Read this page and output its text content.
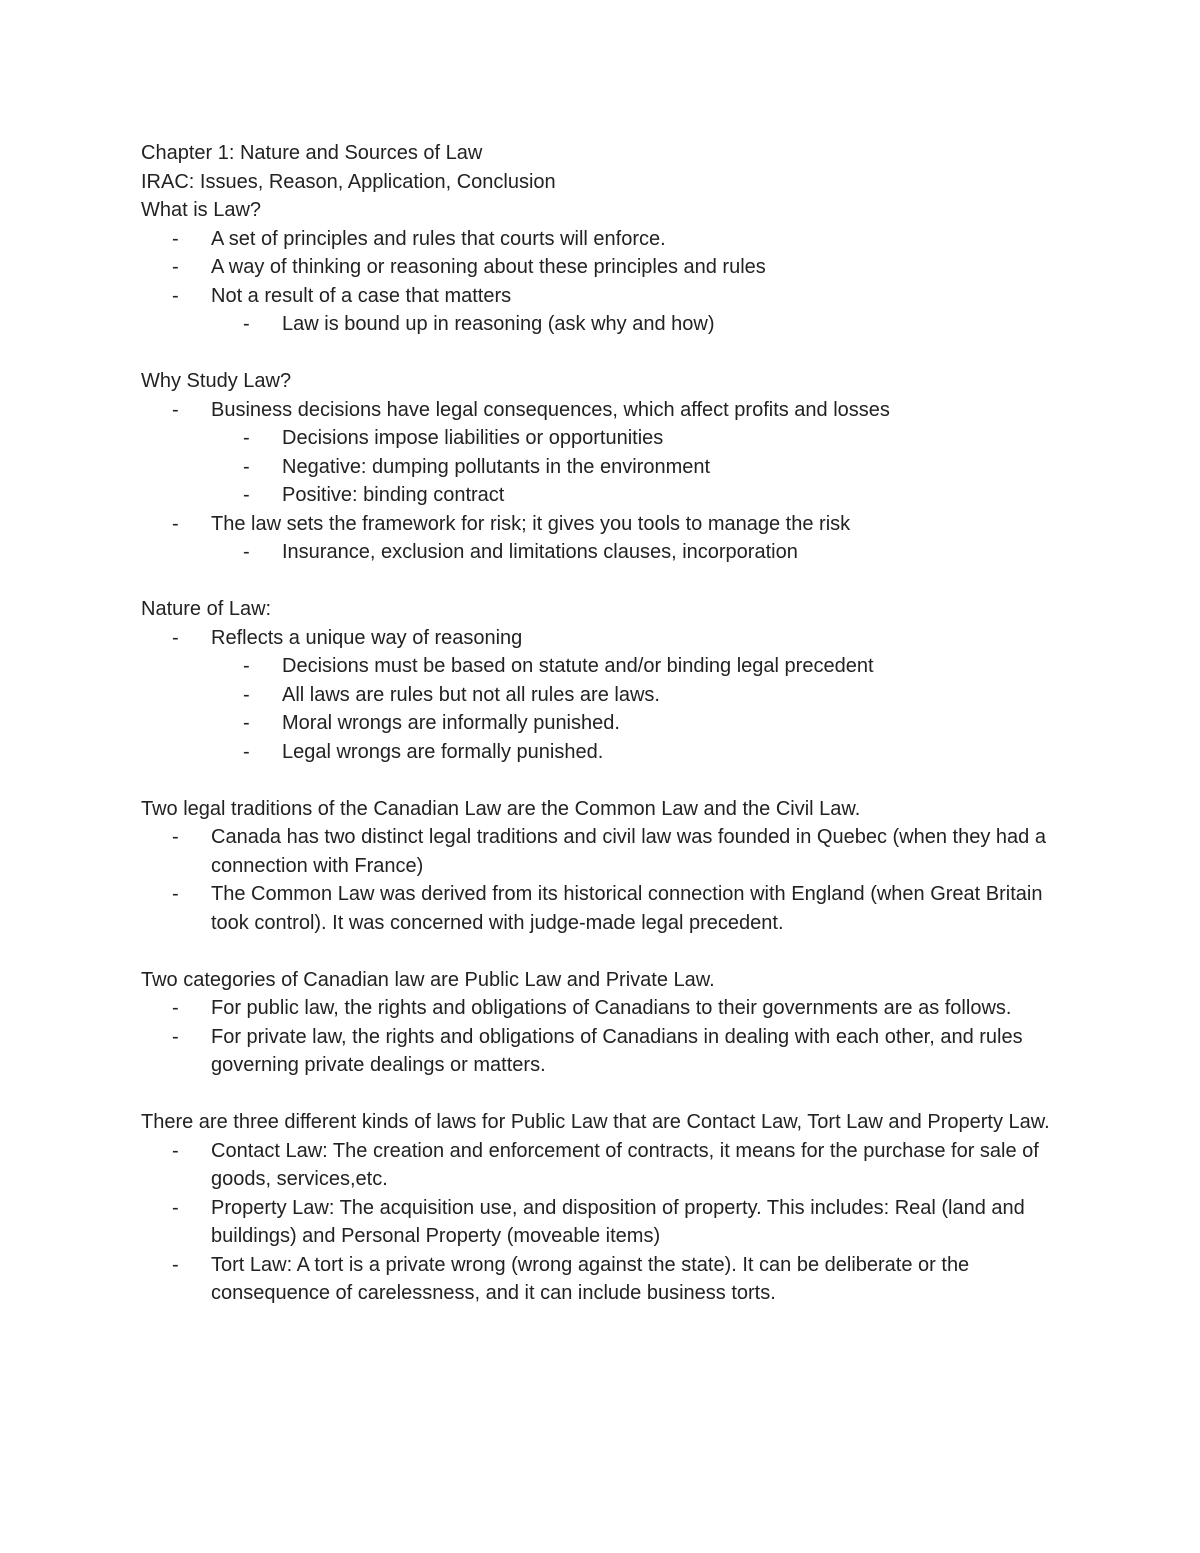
Chapter 1: Nature and Sources of Law

IRAC: Issues, Reason, Application, Conclusion

What is Law?

-	A set of principles and rules that courts will enforce.
-	A way of thinking or reasoning about these principles and rules
-	Not a result of a case that matters
-	Law is bound up in reasoning (ask why and how)

Why Study Law?

-	Business decisions have legal consequences, which affect profits and losses
-	Decisions impose liabilities or opportunities
-	Negative: dumping pollutants in the environment
-	Positive: binding contract
-	The law sets the framework for risk; it gives you tools to manage the risk
-	Insurance, exclusion and limitations clauses, incorporation

Nature of Law:

-	Reflects a unique way of reasoning
-	Decisions must be based on statute and/or binding legal precedent
-	All laws are rules but not all rules are laws.
-	Moral wrongs are informally punished.
-	Legal wrongs are formally punished.

Two legal traditions of the Canadian Law are the Common Law and the Civil Law.

-	Canada has two distinct legal traditions and civil law was founded in Quebec (when they had a connection with France)
-	The Common Law was derived from its historical connection with England (when Great Britain took control). It was concerned with judge-made legal precedent.

Two categories of Canadian law are Public Law and Private Law.

-	For public law, the rights and obligations of Canadians to their governments are as follows.
-	For private law, the rights and obligations of Canadians in dealing with each other, and rules governing private dealings or matters.

There are three different kinds of laws for Public Law that are Contact Law, Tort Law and Property Law.

-	Contact Law: The creation and enforcement of contracts, it means for the purchase for sale of goods, services,etc.
-	Property Law: The acquisition use, and disposition of property. This includes: Real (land and buildings) and Personal Property (moveable items)
-	Tort Law: A tort is a private wrong (wrong against the state). It can be deliberate or the consequence of carelessness, and it can include business torts.
